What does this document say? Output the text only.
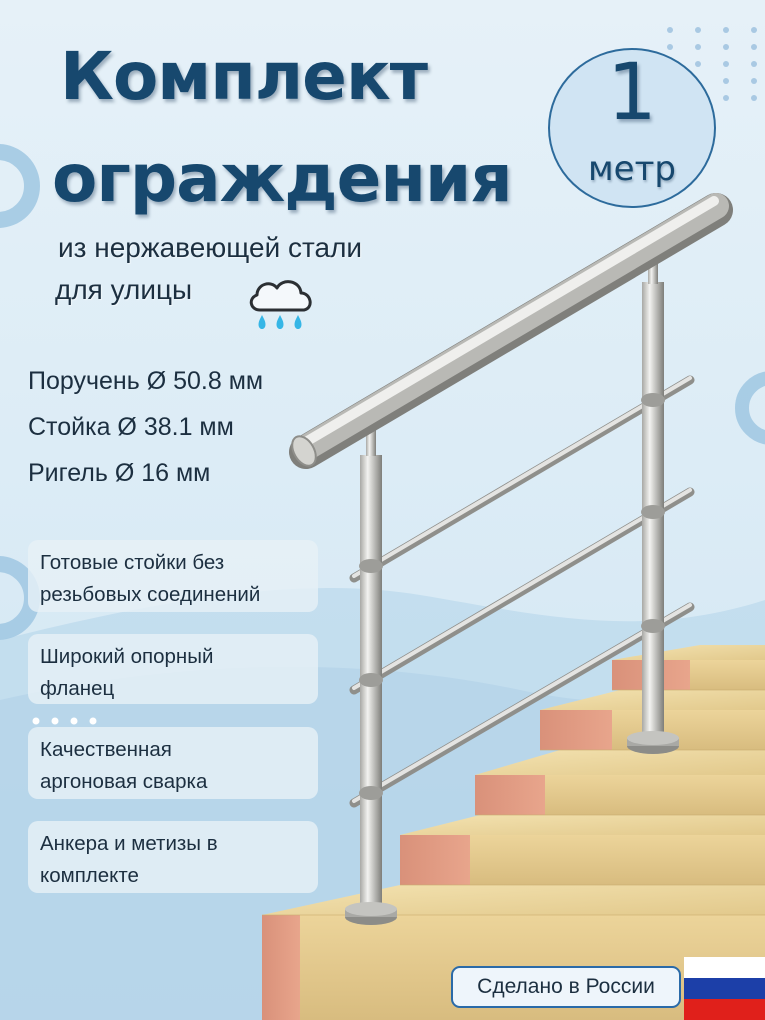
Комплект
ограждения
из нержавеющей стали
для улицы
1
метр
Поручень Ø 50.8 мм
Стойка Ø 38.1 мм
Ригель Ø 16 мм
Готовые стойки без
резьбовых соединений
Широкий опорный
фланец
Качественная
аргоновая сварка
Анкера и метизы в
комплекте
Сделано в России
